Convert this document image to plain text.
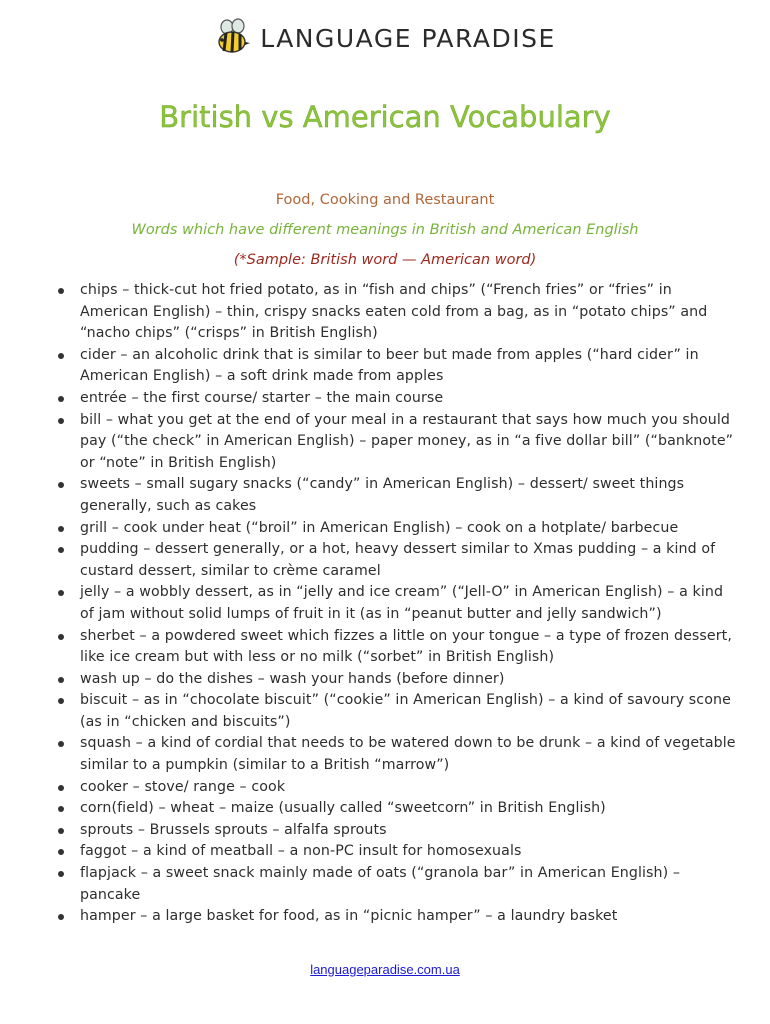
LANGUAGE PARADISE
British vs American Vocabulary
Food, Cooking and Restaurant
Words which have different meanings in British and American English
(*Sample: British word — American word)
chips – thick-cut hot fried potato, as in “fish and chips” (“French fries” or “fries” in American English) – thin, crispy snacks eaten cold from a bag, as in “potato chips” and “nacho chips” (“crisps” in British English)
cider – an alcoholic drink that is similar to beer but made from apples (“hard cider” in American English) – a soft drink made from apples
entrée – the first course/ starter – the main course
bill – what you get at the end of your meal in a restaurant that says how much you should pay (“the check” in American English) – paper money, as in “a five dollar bill” (“banknote” or “note” in British English)
sweets – small sugary snacks (“candy” in American English) – dessert/ sweet things generally, such as cakes
grill – cook under heat (“broil” in American English) – cook on a hotplate/ barbecue
pudding – dessert generally, or a hot, heavy dessert similar to Xmas pudding – a kind of custard dessert, similar to crème caramel
jelly – a wobbly dessert, as in “jelly and ice cream” (“Jell-O” in American English) – a kind of jam without solid lumps of fruit in it (as in “peanut butter and jelly sandwich”)
sherbet – a powdered sweet which fizzes a little on your tongue – a type of frozen dessert, like ice cream but with less or no milk (“sorbet” in British English)
wash up – do the dishes – wash your hands (before dinner)
biscuit – as in “chocolate biscuit” (“cookie” in American English) – a kind of savoury scone (as in “chicken and biscuits”)
squash – a kind of cordial that needs to be watered down to be drunk – a kind of vegetable similar to a pumpkin (similar to a British “marrow”)
cooker – stove/ range – cook
corn(field) – wheat – maize (usually called “sweetcorn” in British English)
sprouts – Brussels sprouts – alfalfa sprouts
faggot – a kind of meatball – a non-PC insult for homosexuals
flapjack – a sweet snack mainly made of oats (“granola bar” in American English) – pancake
hamper – a large basket for food, as in “picnic hamper” – a laundry basket
languageparadise.com.ua
